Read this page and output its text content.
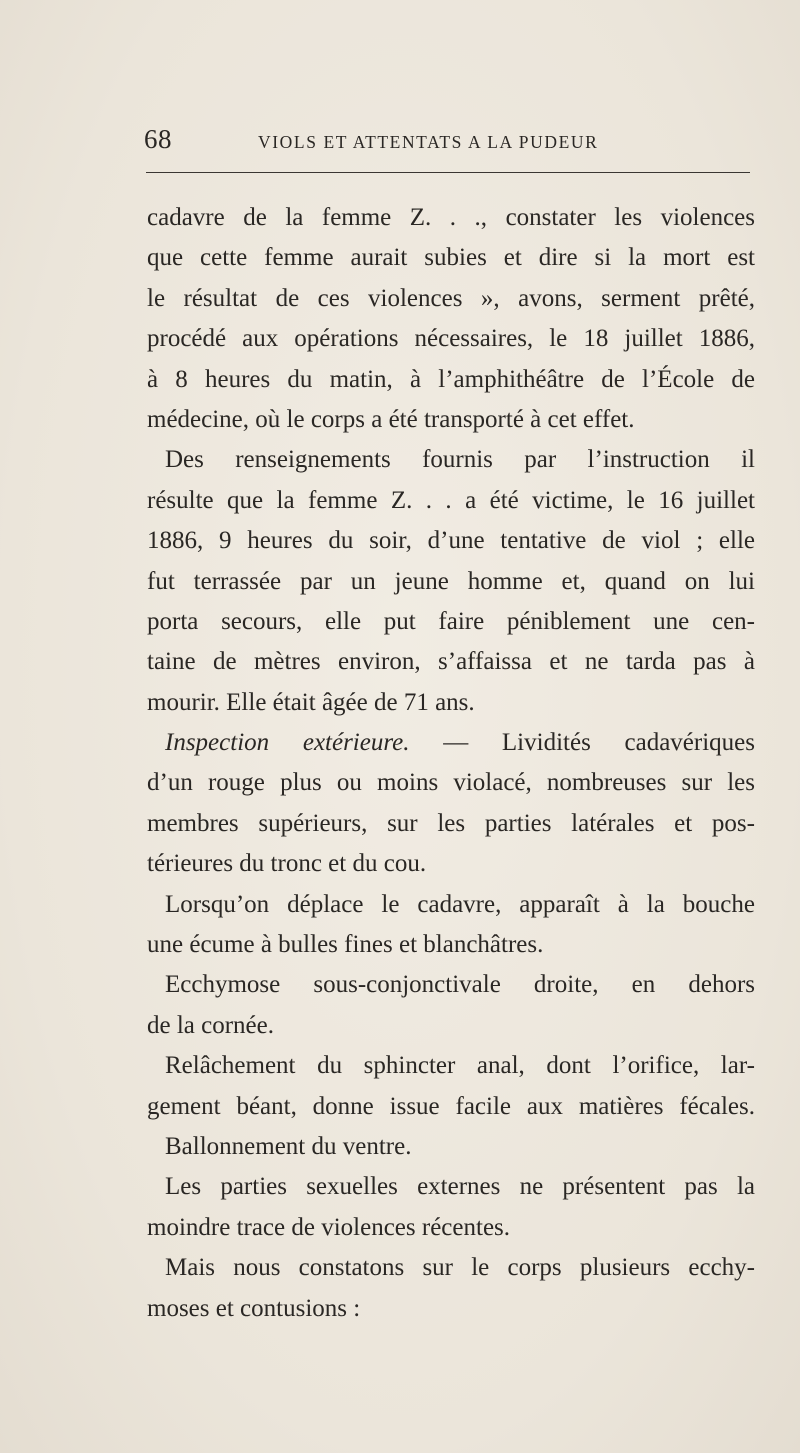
68	VIOLS ET ATTENTATS A LA PUDEUR
cadavre de la femme Z. . ., constater les violences
que cette femme aurait subies et dire si la mort est
le résultat de ces violences », avons, serment prêté,
procédé aux opérations nécessaires, le 18 juillet 1886,
à 8 heures du matin, à l’amphithéâtre de l’École de
médecine, où le corps a été transporté à cet effet.
Des renseignements fournis par l’instruction il
résulte que la femme Z. . . a été victime, le 16 juillet
1886, 9 heures du soir, d’une tentative de viol ; elle
fut terrassée par un jeune homme et, quand on lui
porta secours, elle put faire péniblement une cen-
taine de mètres environ, s’affaissa et ne tarda pas à
mourir. Elle était âgée de 71 ans.
Inspection extérieure. — Lividités cadavériques
d’un rouge plus ou moins violacé, nombreuses sur les
membres supérieurs, sur les parties latérales et pos-
térieures du tronc et du cou.
Lorsqu’on déplace le cadavre, apparaît à la bouche
une écume à bulles fines et blanchâtres.
Ecchymose sous-conjonctivale droite, en dehors
de la cornée.
Relâchement du sphincter anal, dont l’orifice, lar-
gement béant, donne issue facile aux matières fécales.
Ballonnement du ventre.
Les parties sexuelles externes ne présentent pas la
moindre trace de violences récentes.
Mais nous constatons sur le corps plusieurs ecchy-
moses et contusions :
